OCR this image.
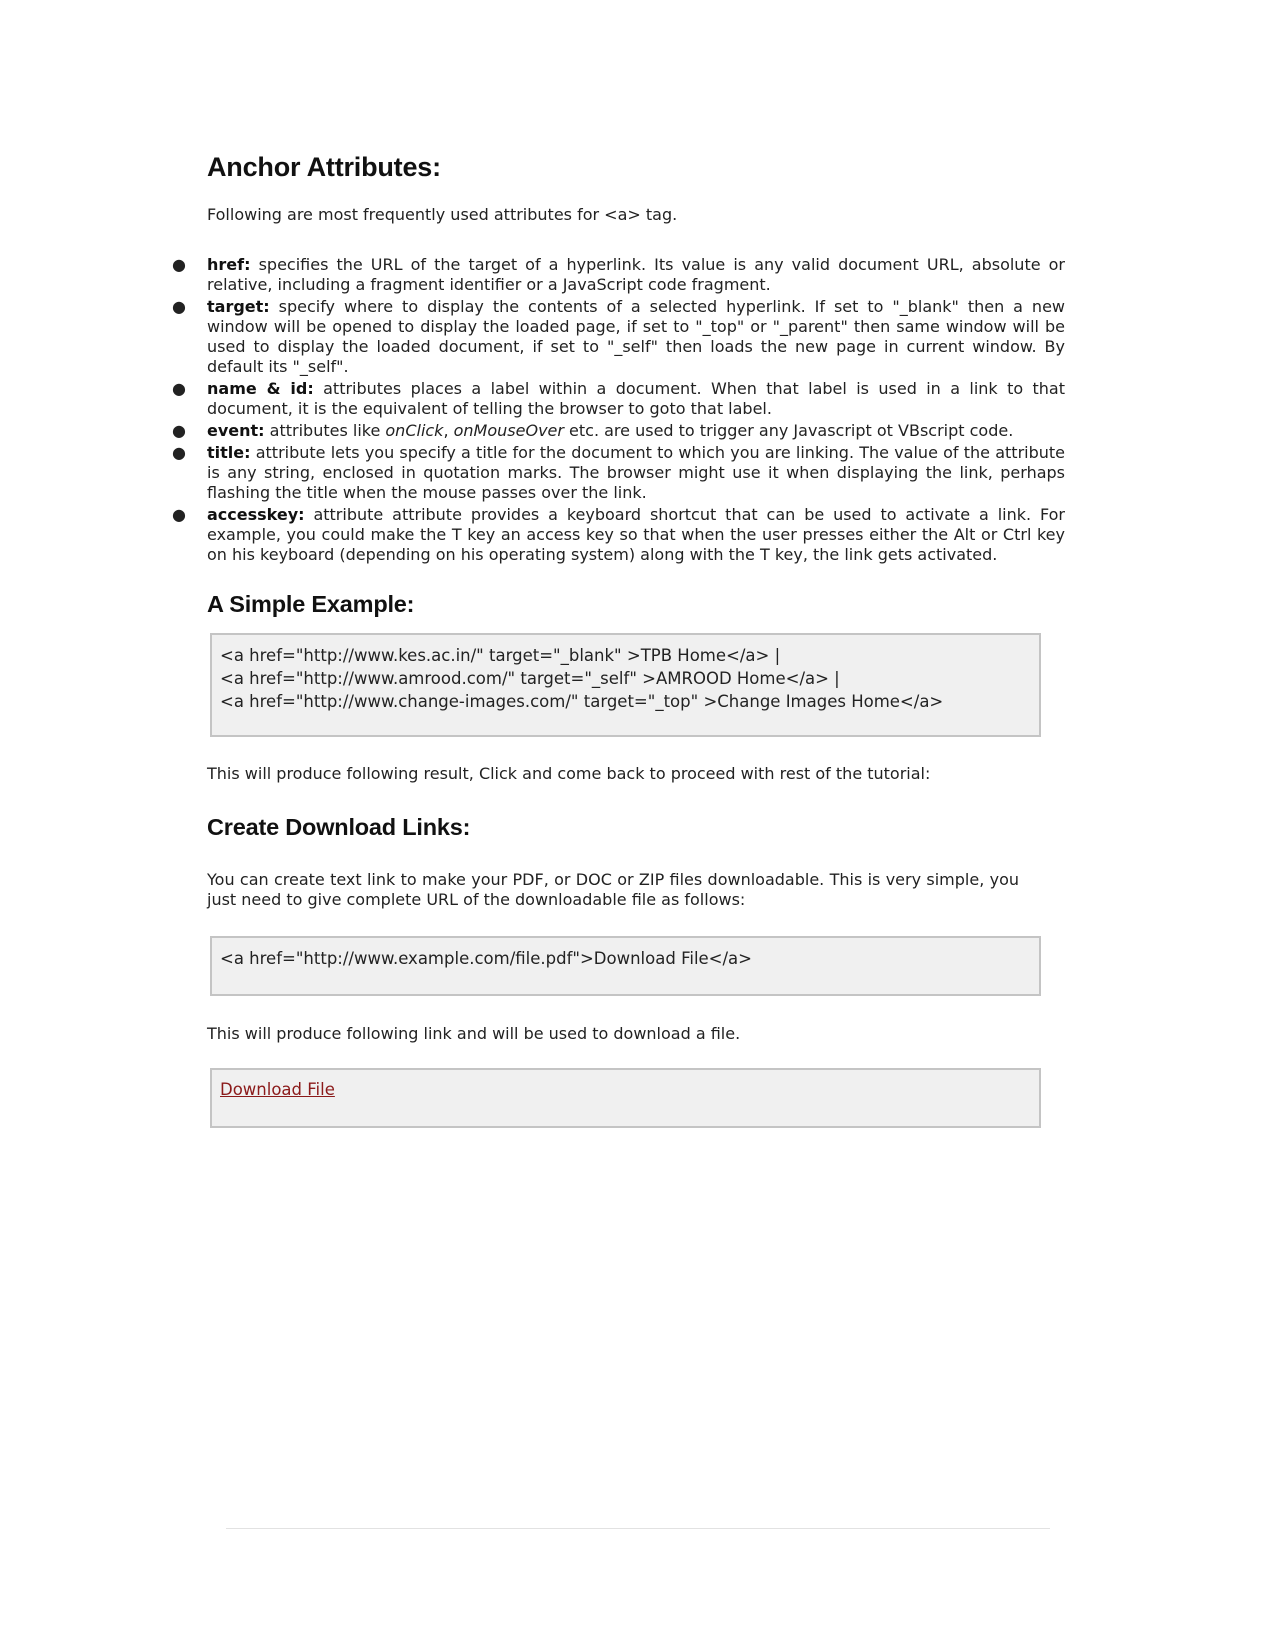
Anchor Attributes:

Following are most frequently used attributes for <a> tag.

● href: specifies the URL of the target of a hyperlink. Its value is any valid document URL, absolute or relative, including a fragment identifier or a JavaScript code fragment.
● target: specify where to display the contents of a selected hyperlink. If set to "_blank" then a new window will be opened to display the loaded page, if set to "_top" or "_parent" then same window will be used to display the loaded document, if set to "_self" then loads the new page in current window. By default its "_self".
● name & id: attributes places a label within a document. When that label is used in a link to that document, it is the equivalent of telling the browser to goto that label.
● event: attributes like onClick, onMouseOver etc. are used to trigger any Javascript ot VBscript code.
● title: attribute lets you specify a title for the document to which you are linking. The value of the attribute is any string, enclosed in quotation marks. The browser might use it when displaying the link, perhaps flashing the title when the mouse passes over the link.
● accesskey: attribute attribute provides a keyboard shortcut that can be used to activate a link. For example, you could make the T key an access key so that when the user presses either the Alt or Ctrl key on his keyboard (depending on his operating system) along with the T key, the link gets activated.
A Simple Example:
<a href="http://www.kes.ac.in/" target="_blank" >TPB Home</a> |
<a href="http://www.amrood.com/" target="_self" >AMROOD Home</a> |
<a href="http://www.change-images.com/" target="_top" >Change Images Home</a>

This will produce following result, Click and come back to proceed with rest of the tutorial:

Create Download Links:

You can create text link to make your PDF, or DOC or ZIP files downloadable. This is very simple, you just need to give complete URL of the downloadable file as follows:

<a href="http://www.example.com/file.pdf">Download File</a>

This will produce following link and will be used to download a file.

Download File
